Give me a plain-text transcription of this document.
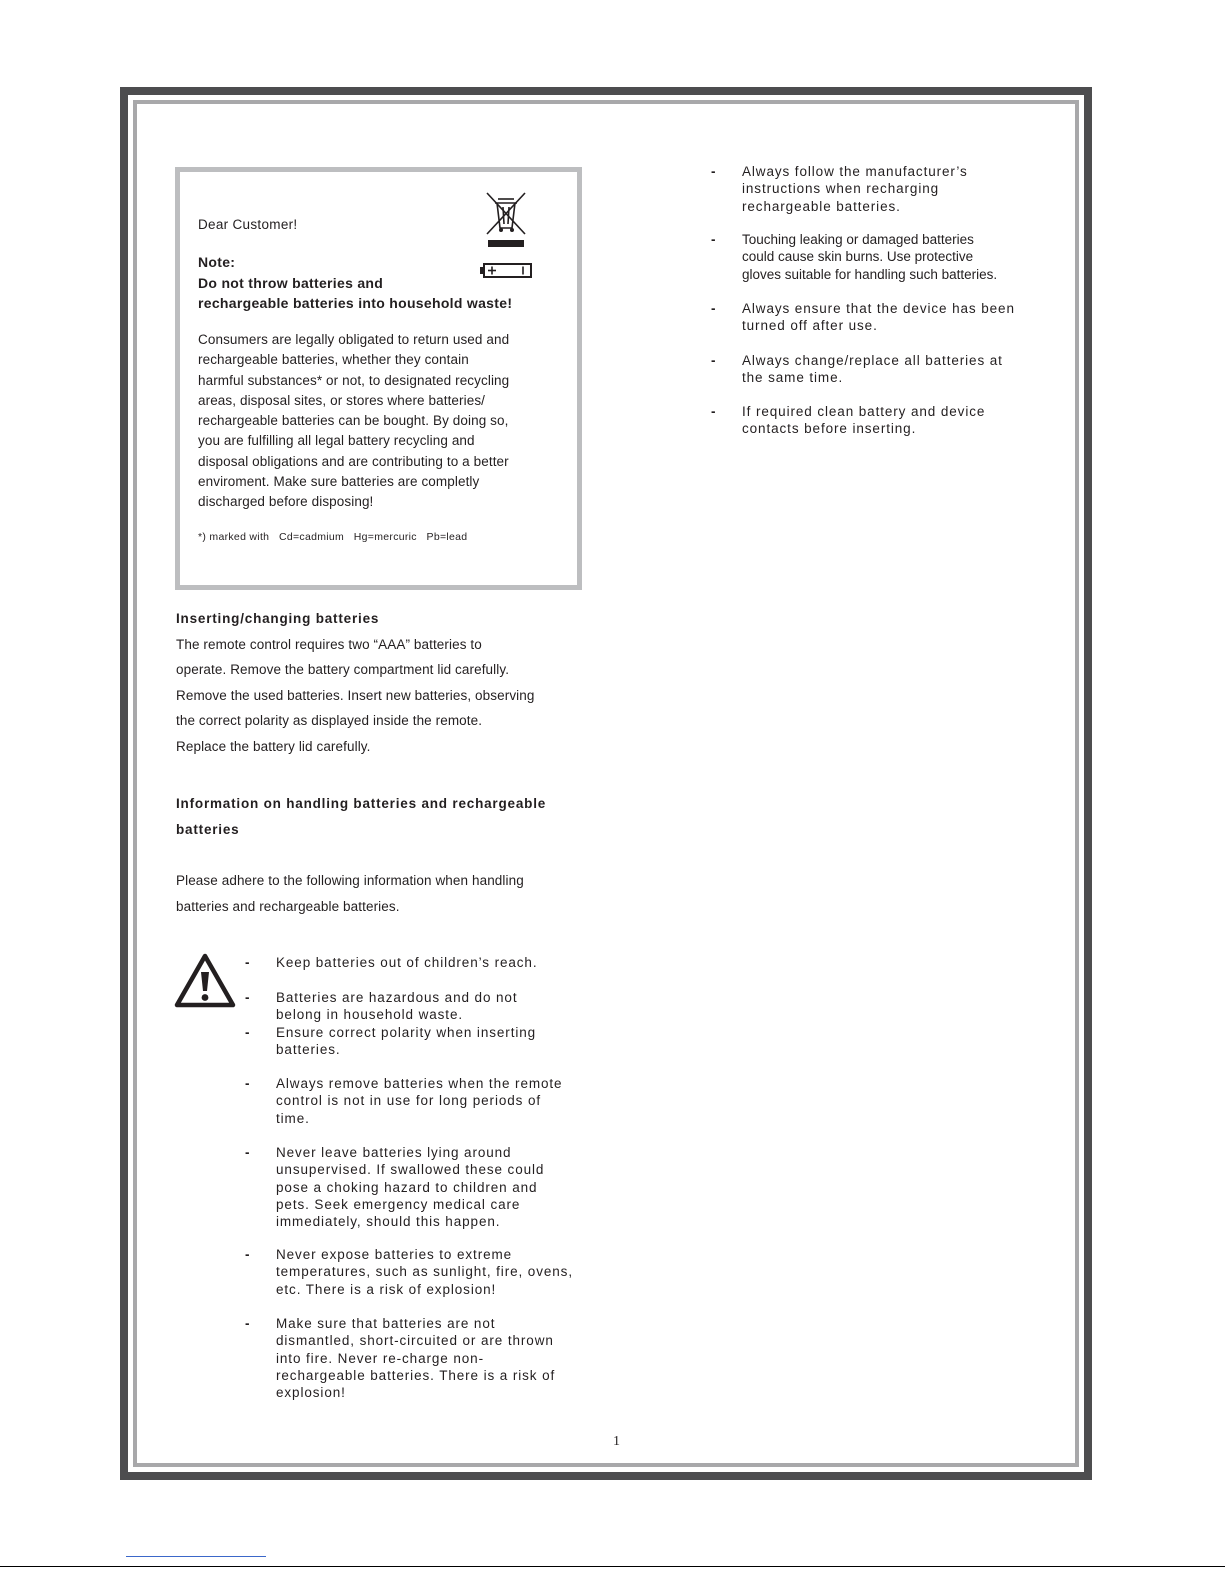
Dear Customer!
Note:
Do not throw batteries and
rechargeable batteries into household waste!
Consumers are legally obligated to return used and
rechargeable batteries, whether they contain
harmful substances* or not, to designated recycling
areas, disposal sites, or stores where batteries/
rechargeable batteries can be bought. By doing so,
you are fulfilling all legal battery recycling and
disposal obligations and are contributing to a better
enviroment. Make sure batteries are completly
discharged before disposing!
*) marked with   Cd=cadmium   Hg=mercuric   Pb=lead
Inserting/changing batteries
The remote control requires two “AAA” batteries to
operate. Remove the battery compartment lid carefully.
Remove the used batteries. Insert new batteries, observing
the correct polarity as displayed inside the remote.
Replace the battery lid carefully.
Information on handling batteries and rechargeable
batteries
Please adhere to the following information when handling
batteries and rechargeable batteries.
- Keep batteries out of children’s reach.
- Batteries are hazardous and do not
belong in household waste.
- Ensure correct polarity when inserting
batteries.
- Always remove batteries when the remote
control is not in use for long periods of
time.
- Never leave batteries lying around
unsupervised. If swallowed these could
pose a choking hazard to children and
pets. Seek emergency medical care
immediately, should this happen.
- Never expose batteries to extreme
temperatures, such as sunlight, fire, ovens,
etc. There is a risk of explosion!
- Make sure that batteries are not
dismantled, short-circuited or are thrown
into fire. Never re-charge non-
rechargeable batteries. There is a risk of
explosion!
- Always follow the manufacturer’s
instructions when recharging
rechargeable batteries.
- Touching leaking or damaged batteries
could cause skin burns. Use protective
gloves suitable for handling such batteries.
- Always ensure that the device has been
turned off after use.
- Always change/replace all batteries at
the same time.
- If required clean battery and device
contacts before inserting.
1
